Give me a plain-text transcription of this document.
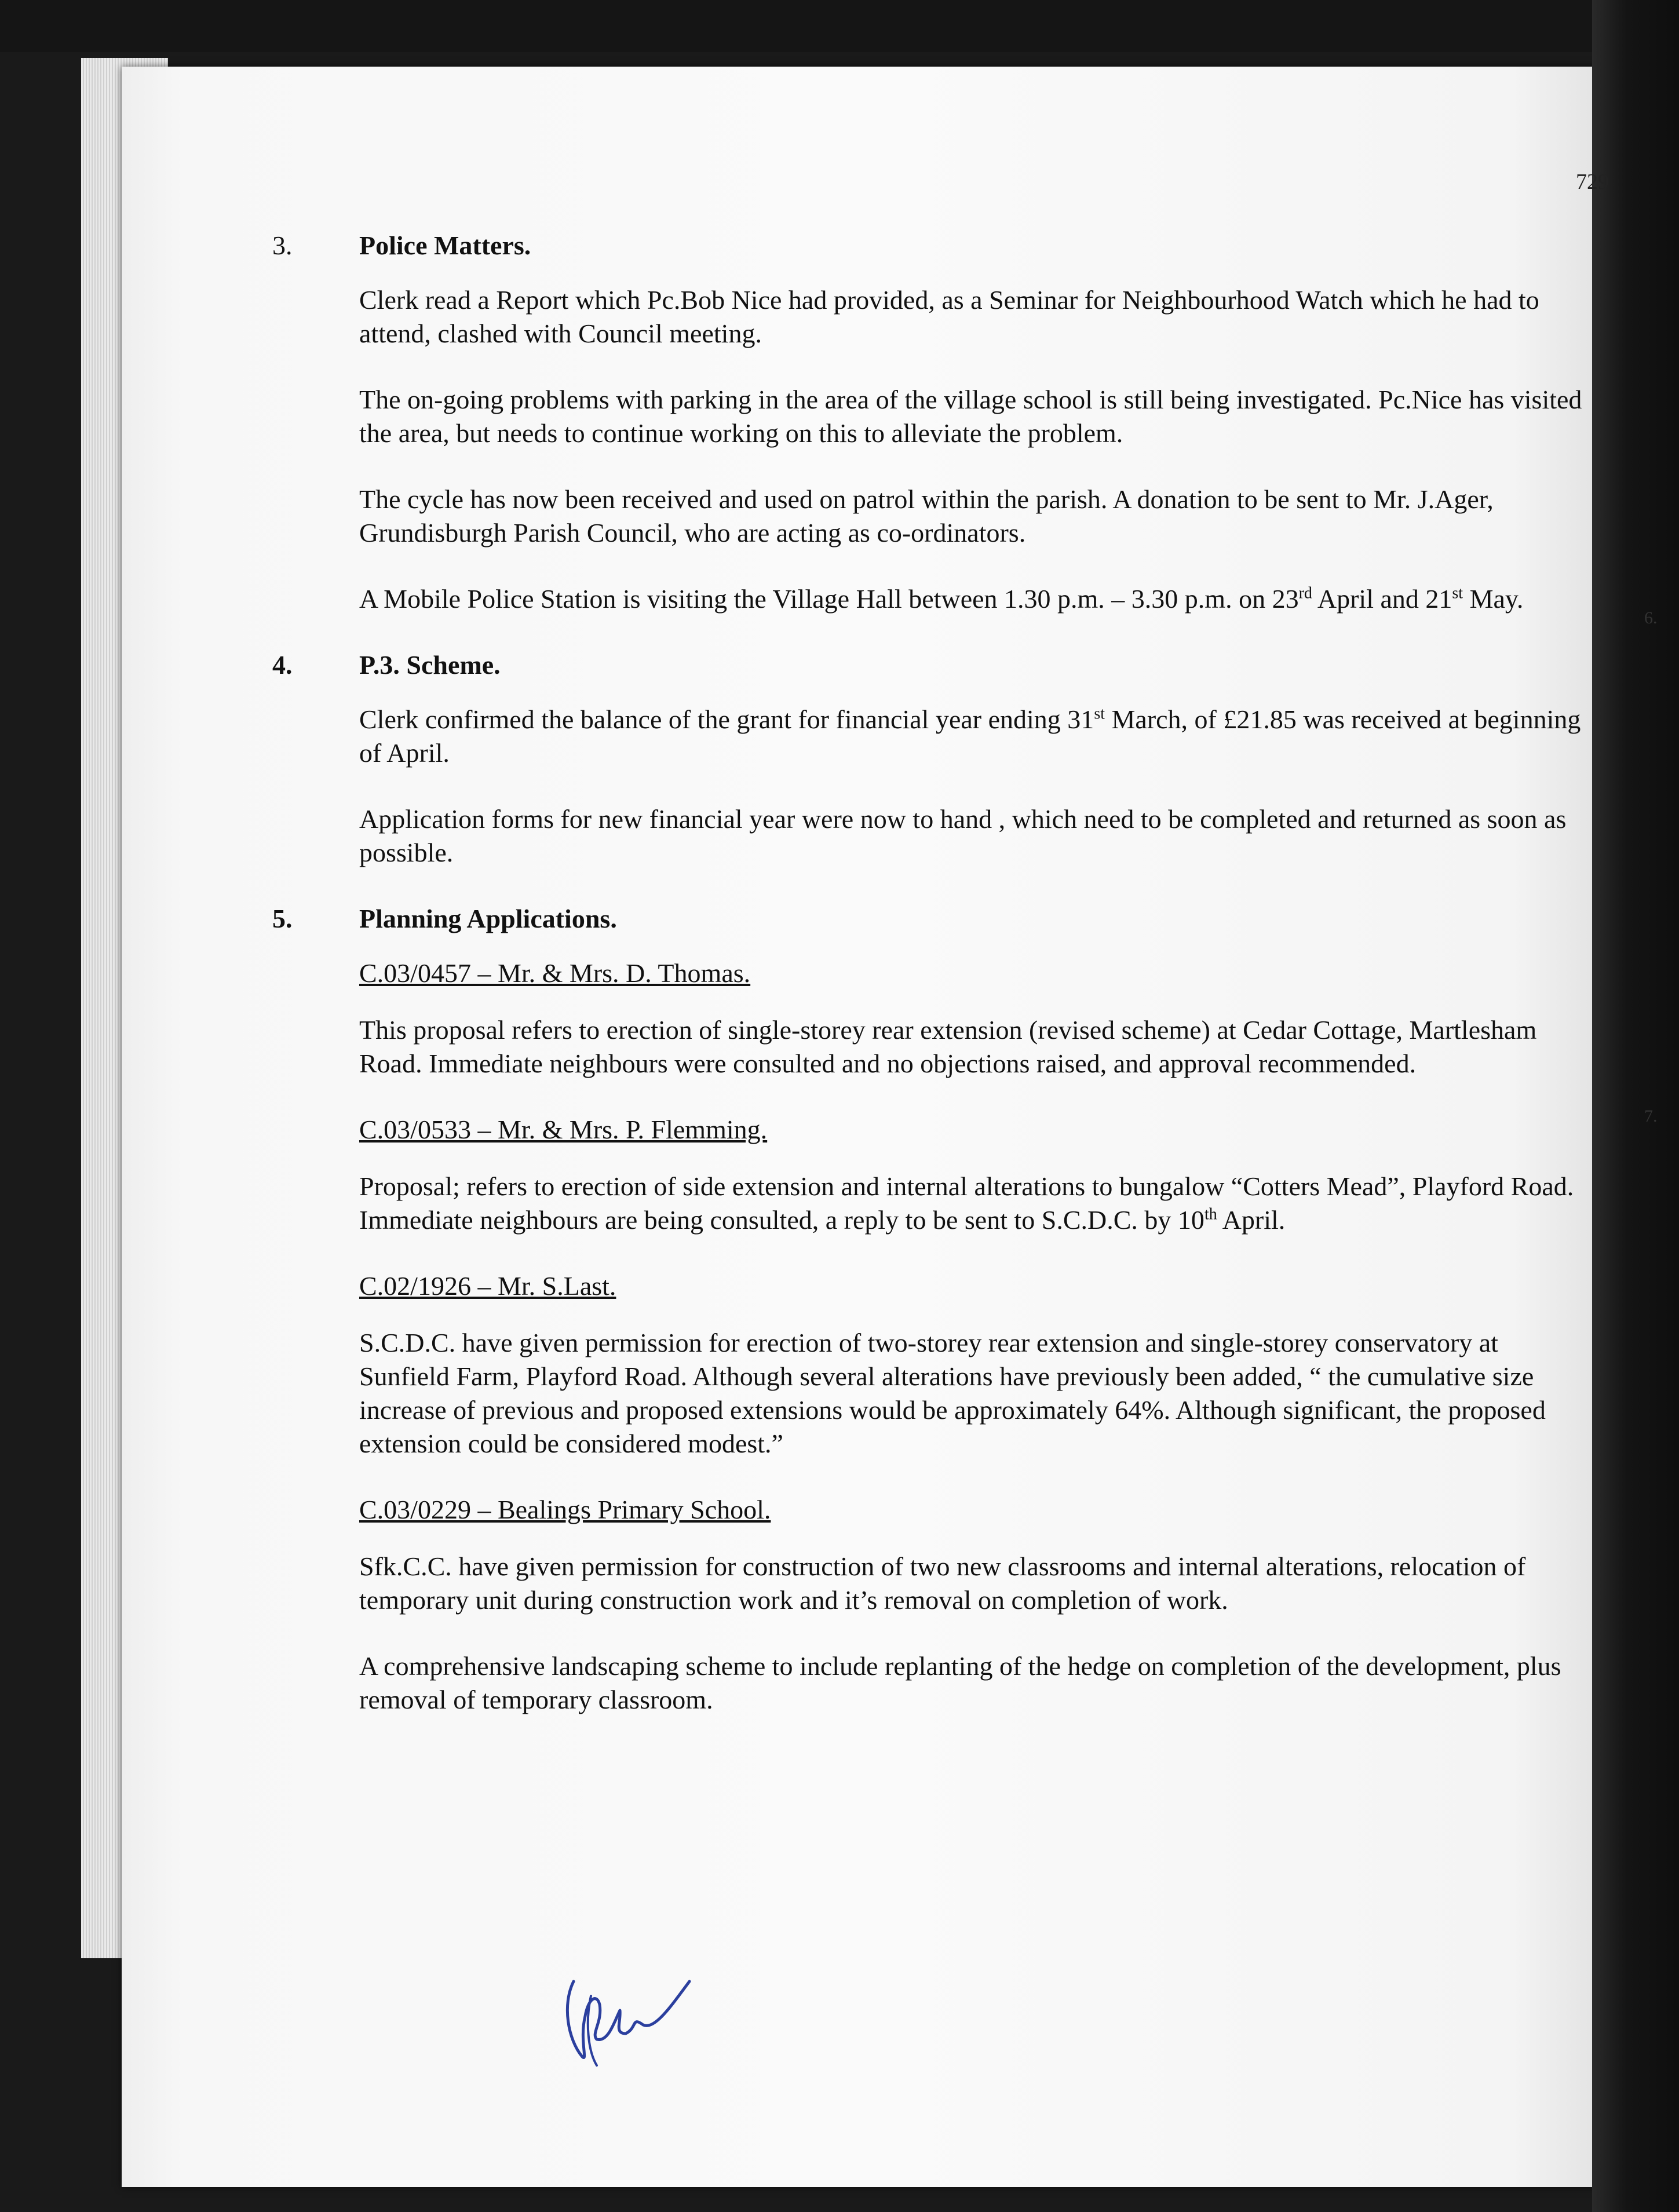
729
6.
7.
3.	Police Matters.

Clerk read a Report which Pc.Bob Nice had provided, as a Seminar for Neighbourhood Watch which he had to attend, clashed with Council meeting.

The on-going problems with parking in the area of the village school is still being investigated. Pc.Nice has visited the area, but needs to continue working on this to alleviate the problem.

The cycle has now been received and used on patrol within the parish. A donation to be sent to Mr. J.Ager, Grundisburgh Parish Council, who are acting as co-ordinators.

A Mobile Police Station is visiting the Village Hall between 1.30 p.m. – 3.30 p.m. on 23rd April and 21st May.

4.	P.3. Scheme.

Clerk confirmed the balance of the grant for financial year ending 31st March, of £21.85 was received at beginning of April.

Application forms for new financial year were now to hand , which need to be completed and returned as soon as possible.

5.	Planning Applications.

C.03/0457 – Mr. & Mrs. D. Thomas.

This proposal refers to erection of single-storey rear extension (revised scheme) at Cedar Cottage, Martlesham Road. Immediate neighbours were consulted and no objections raised, and approval recommended.

C.03/0533 – Mr. & Mrs. P. Flemming.

Proposal; refers to erection of side extension and internal alterations to bungalow “Cotters Mead”, Playford Road. Immediate neighbours are being consulted, a reply to be sent to S.C.D.C. by 10th April.

C.02/1926 – Mr. S.Last.

S.C.D.C. have given permission for erection of two-storey rear extension and single-storey conservatory at Sunfield Farm, Playford Road. Although several alterations have previously been added, “ the cumulative size increase of previous and proposed extensions would be approximately 64%. Although significant, the proposed extension could be considered modest.”

C.03/0229 – Bealings Primary School.

Sfk.C.C. have given permission for construction of two new classrooms and internal alterations, relocation of temporary unit during construction work and it’s removal on completion of work.

A comprehensive landscaping scheme to include replanting of the hedge on completion of the development, plus removal of temporary classroom.
